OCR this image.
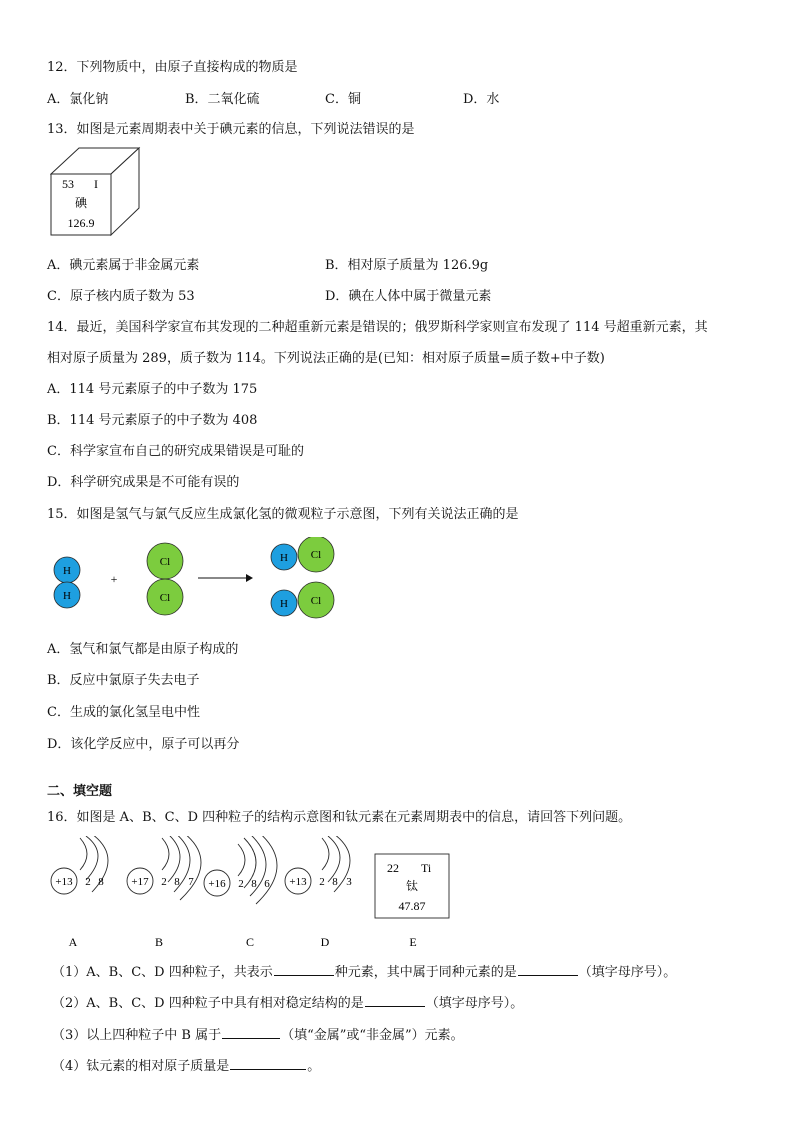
12．下列物质中，由原子直接构成的物质是
A．氯化钠	B．二氧化硫	C．铜	D．水
13．如图是元素周期表中关于碘元素的信息，下列说法错误的是
53 I
碘
126.9
A．碘元素属于非金属元素	B．相对原子质量为 126.9g
C．原子核内质子数为 53	D．碘在人体中属于微量元素
14．最近，美国科学家宣布其发现的二种超重新元素是错误的；俄罗斯科学家则宣布发现了 114 号超重新元素，其
相对原子质量为 289，质子数为 114。下列说法正确的是(已知：相对原子质量=质子数+中子数)
A．114 号元素原子的中子数为 175
B．114 号元素原子的中子数为 408
C．科学家宣布自己的研究成果错误是可耻的
D．科学研究成果是不可能有误的
15．如图是氢气与氯气反应生成氯化氢的微观粒子示意图，下列有关说法正确的是
H
H
+
Cl
Cl
Cl
H
Cl
H
A．氢气和氯气都是由原子构成的
B．反应中氯原子失去电子
C．生成的氯化氢呈电中性
D．该化学反应中，原子可以再分
二、填空题
16．如图是 A、B、C、D 四种粒子的结构示意图和钛元素在元素周期表中的信息，请回答下列问题。
+13 2 8	+17 2 8 7 +16 2 8 6 +13 2 8 3
22 Ti
钛
47.87
A	B	C	D	E
（1）A、B、C、D 四种粒子，共表示	种元素，其中属于同种元素的是	（填字母序号）。
（2）A、B、C、D 四种粒子中具有相对稳定结构的是	（填字母序号）。
（3）以上四种粒子中 B 属于	（填“金属”或“非金属”）元素。
（4）钛元素的相对原子质量是	。
